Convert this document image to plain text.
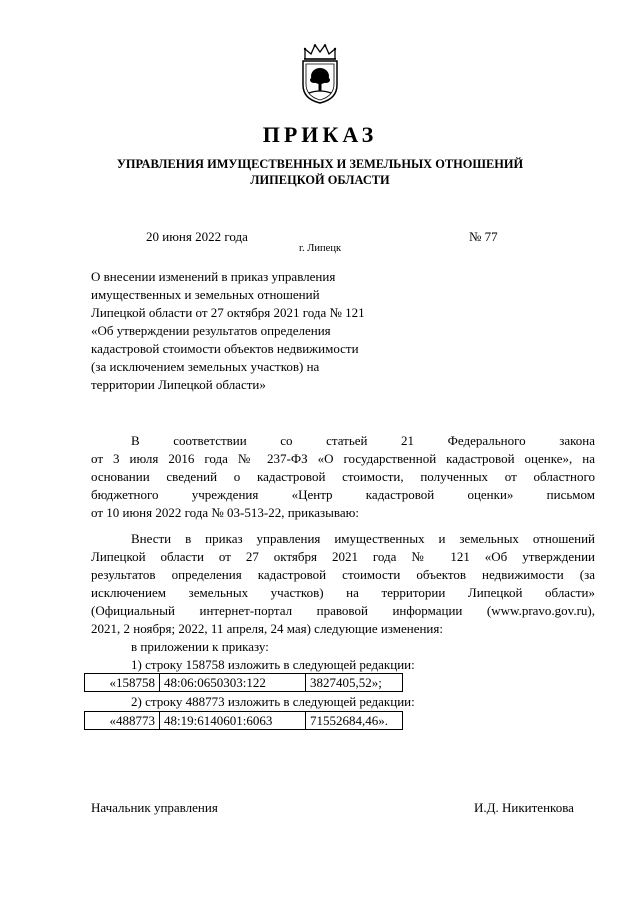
ПРИКАЗ
УПРАВЛЕНИЯ ИМУЩЕСТВЕННЫХ И ЗЕМЕЛЬНЫХ ОТНОШЕНИЙ
ЛИПЕЦКОЙ ОБЛАСТИ
20 июня 2022 года	№ 77
г. Липецк
О внесении изменений в приказ управления
имущественных и земельных отношений
Липецкой области от 27 октября 2021 года № 121
«Об утверждении результатов определения
кадастровой стоимости объектов недвижимости
(за исключением земельных участков) на
территории Липецкой области»
В соответствии со статьей 21 Федерального закона
от 3 июля 2016 года № 237-ФЗ «О государственной кадастровой оценке», на
основании сведений о кадастровой стоимости, полученных от областного
бюджетного учреждения «Центр кадастровой оценки» письмом
от 10 июня 2022 года № 03-513-22, приказываю:
Внести в приказ управления имущественных и земельных отношений
Липецкой области от 27 октября 2021 года № 121 «Об утверждении
результатов определения кадастровой стоимости объектов недвижимости (за
исключением земельных участков) на территории Липецкой области»
(Официальный интернет-портал правовой информации (www.pravo.gov.ru),
2021, 2 ноября; 2022, 11 апреля, 24 мая) следующие изменения:
в приложении к приказу:
1) строку 158758 изложить в следующей редакции:
«158758	48:06:0650303:122	3827405,52»;
2) строку 488773 изложить в следующей редакции:
«488773	48:19:6140601:6063	71552684,46».
Начальник управления	И.Д. Никитенкова
